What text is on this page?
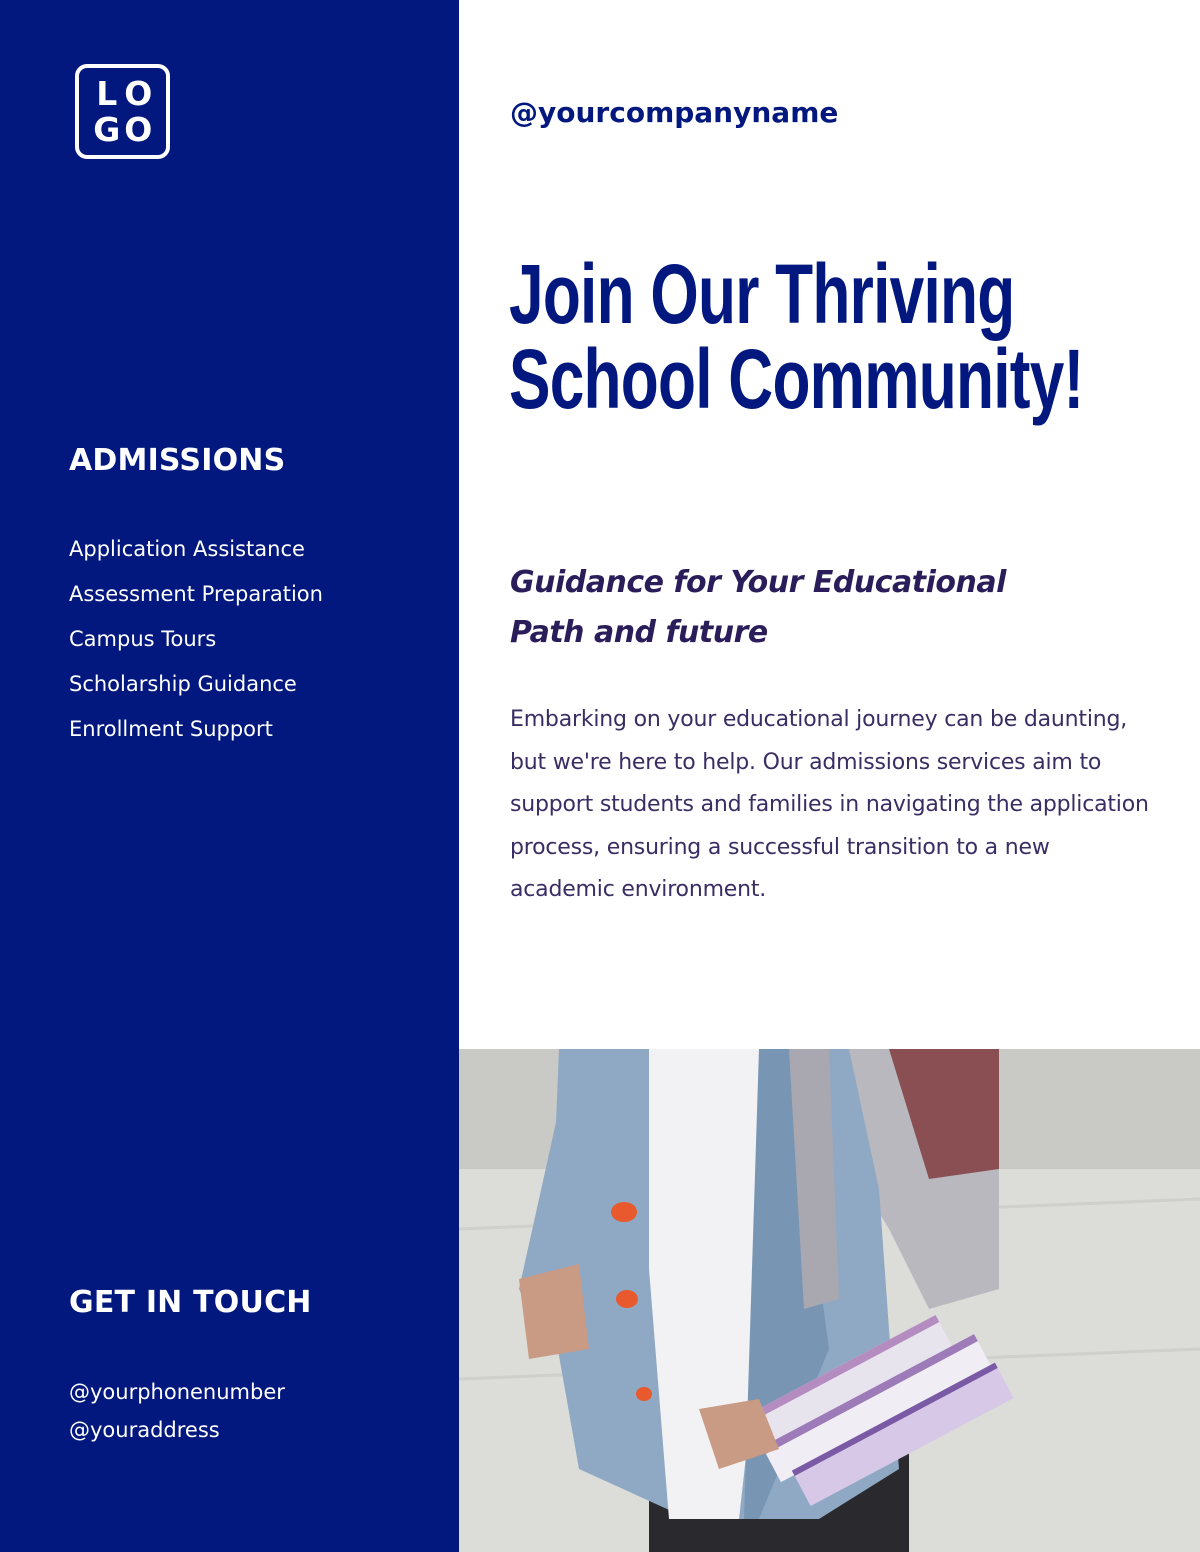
L O
G O
ADMISSIONS
Application Assistance
Assessment Preparation
Campus Tours
Scholarship Guidance
Enrollment Support
GET IN TOUCH
@yourphonenumber
@youraddress
@yourcompanyname
Join Our Thriving
School Community!
Guidance for Your Educational
Path and future

Embarking on your educational journey can be daunting, but we're here to help. Our admissions services aim to support students and families in navigating the application process, ensuring a successful transition to a new academic environment.
